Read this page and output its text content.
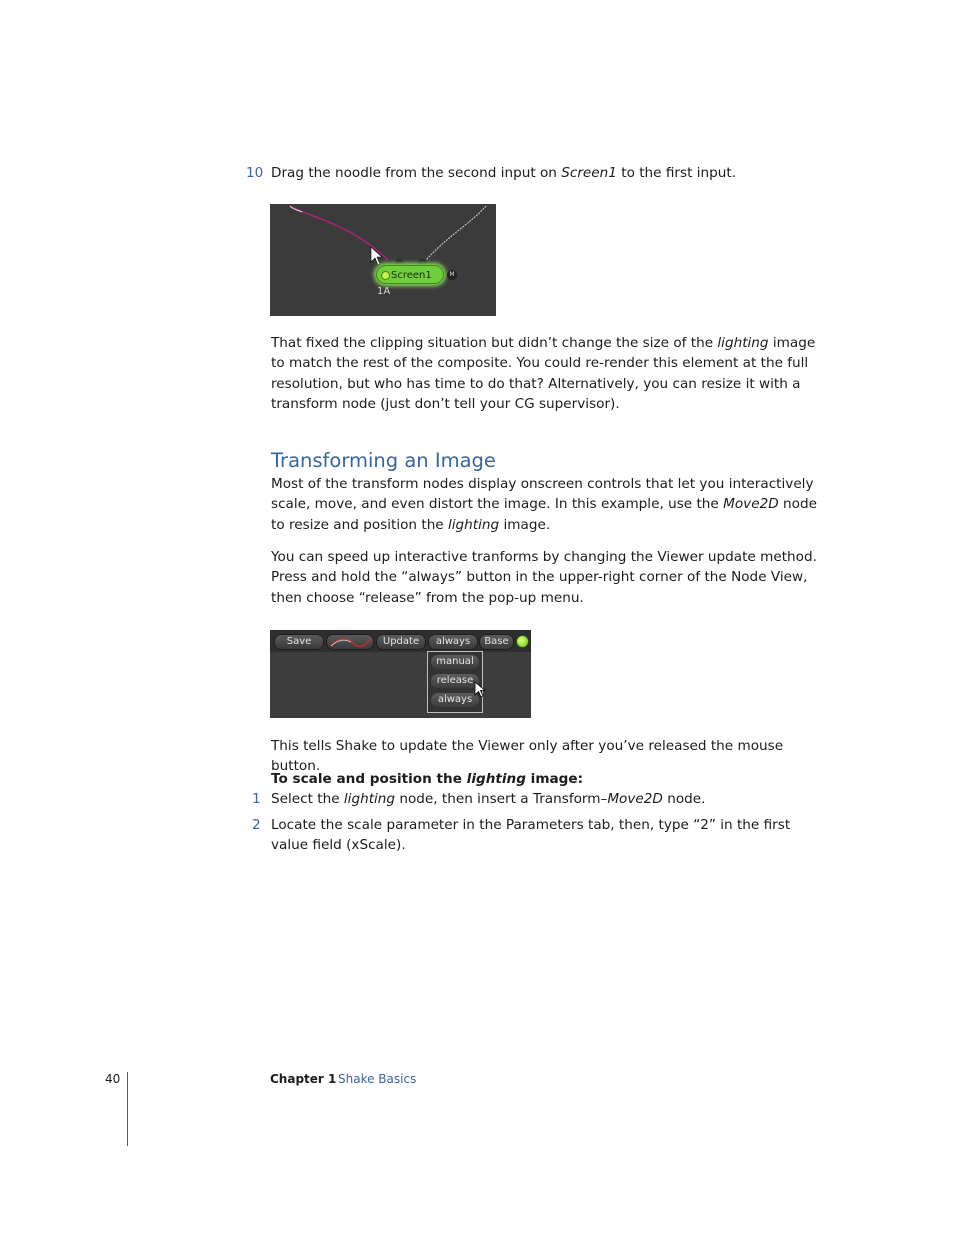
10 Drag the noodle from the second input on Screen1 to the first input.
Screen1	M
1A
That fixed the clipping situation but didn’t change the size of the lighting image to match the rest of the composite. You could re-render this element at the full resolution, but who has time to do that? Alternatively, you can resize it with a transform node (just don’t tell your CG supervisor).
Transforming an Image
Most of the transform nodes display onscreen controls that let you interactively scale, move, and even distort the image. In this example, use the Move2D node to resize and position the lighting image.
You can speed up interactive tranforms by changing the Viewer update method. Press and hold the “always” button in the upper-right corner of the Node View, then choose “release” from the pop-up menu.
Save	Update	always	Base
manual
release
always
This tells Shake to update the Viewer only after you’ve released the mouse button.
To scale and position the lighting image:
1 Select the lighting node, then insert a Transform–Move2D node.
2 Locate the scale parameter in the Parameters tab, then, type “2” in the first value field (xScale).
40	Chapter 1 Shake Basics
